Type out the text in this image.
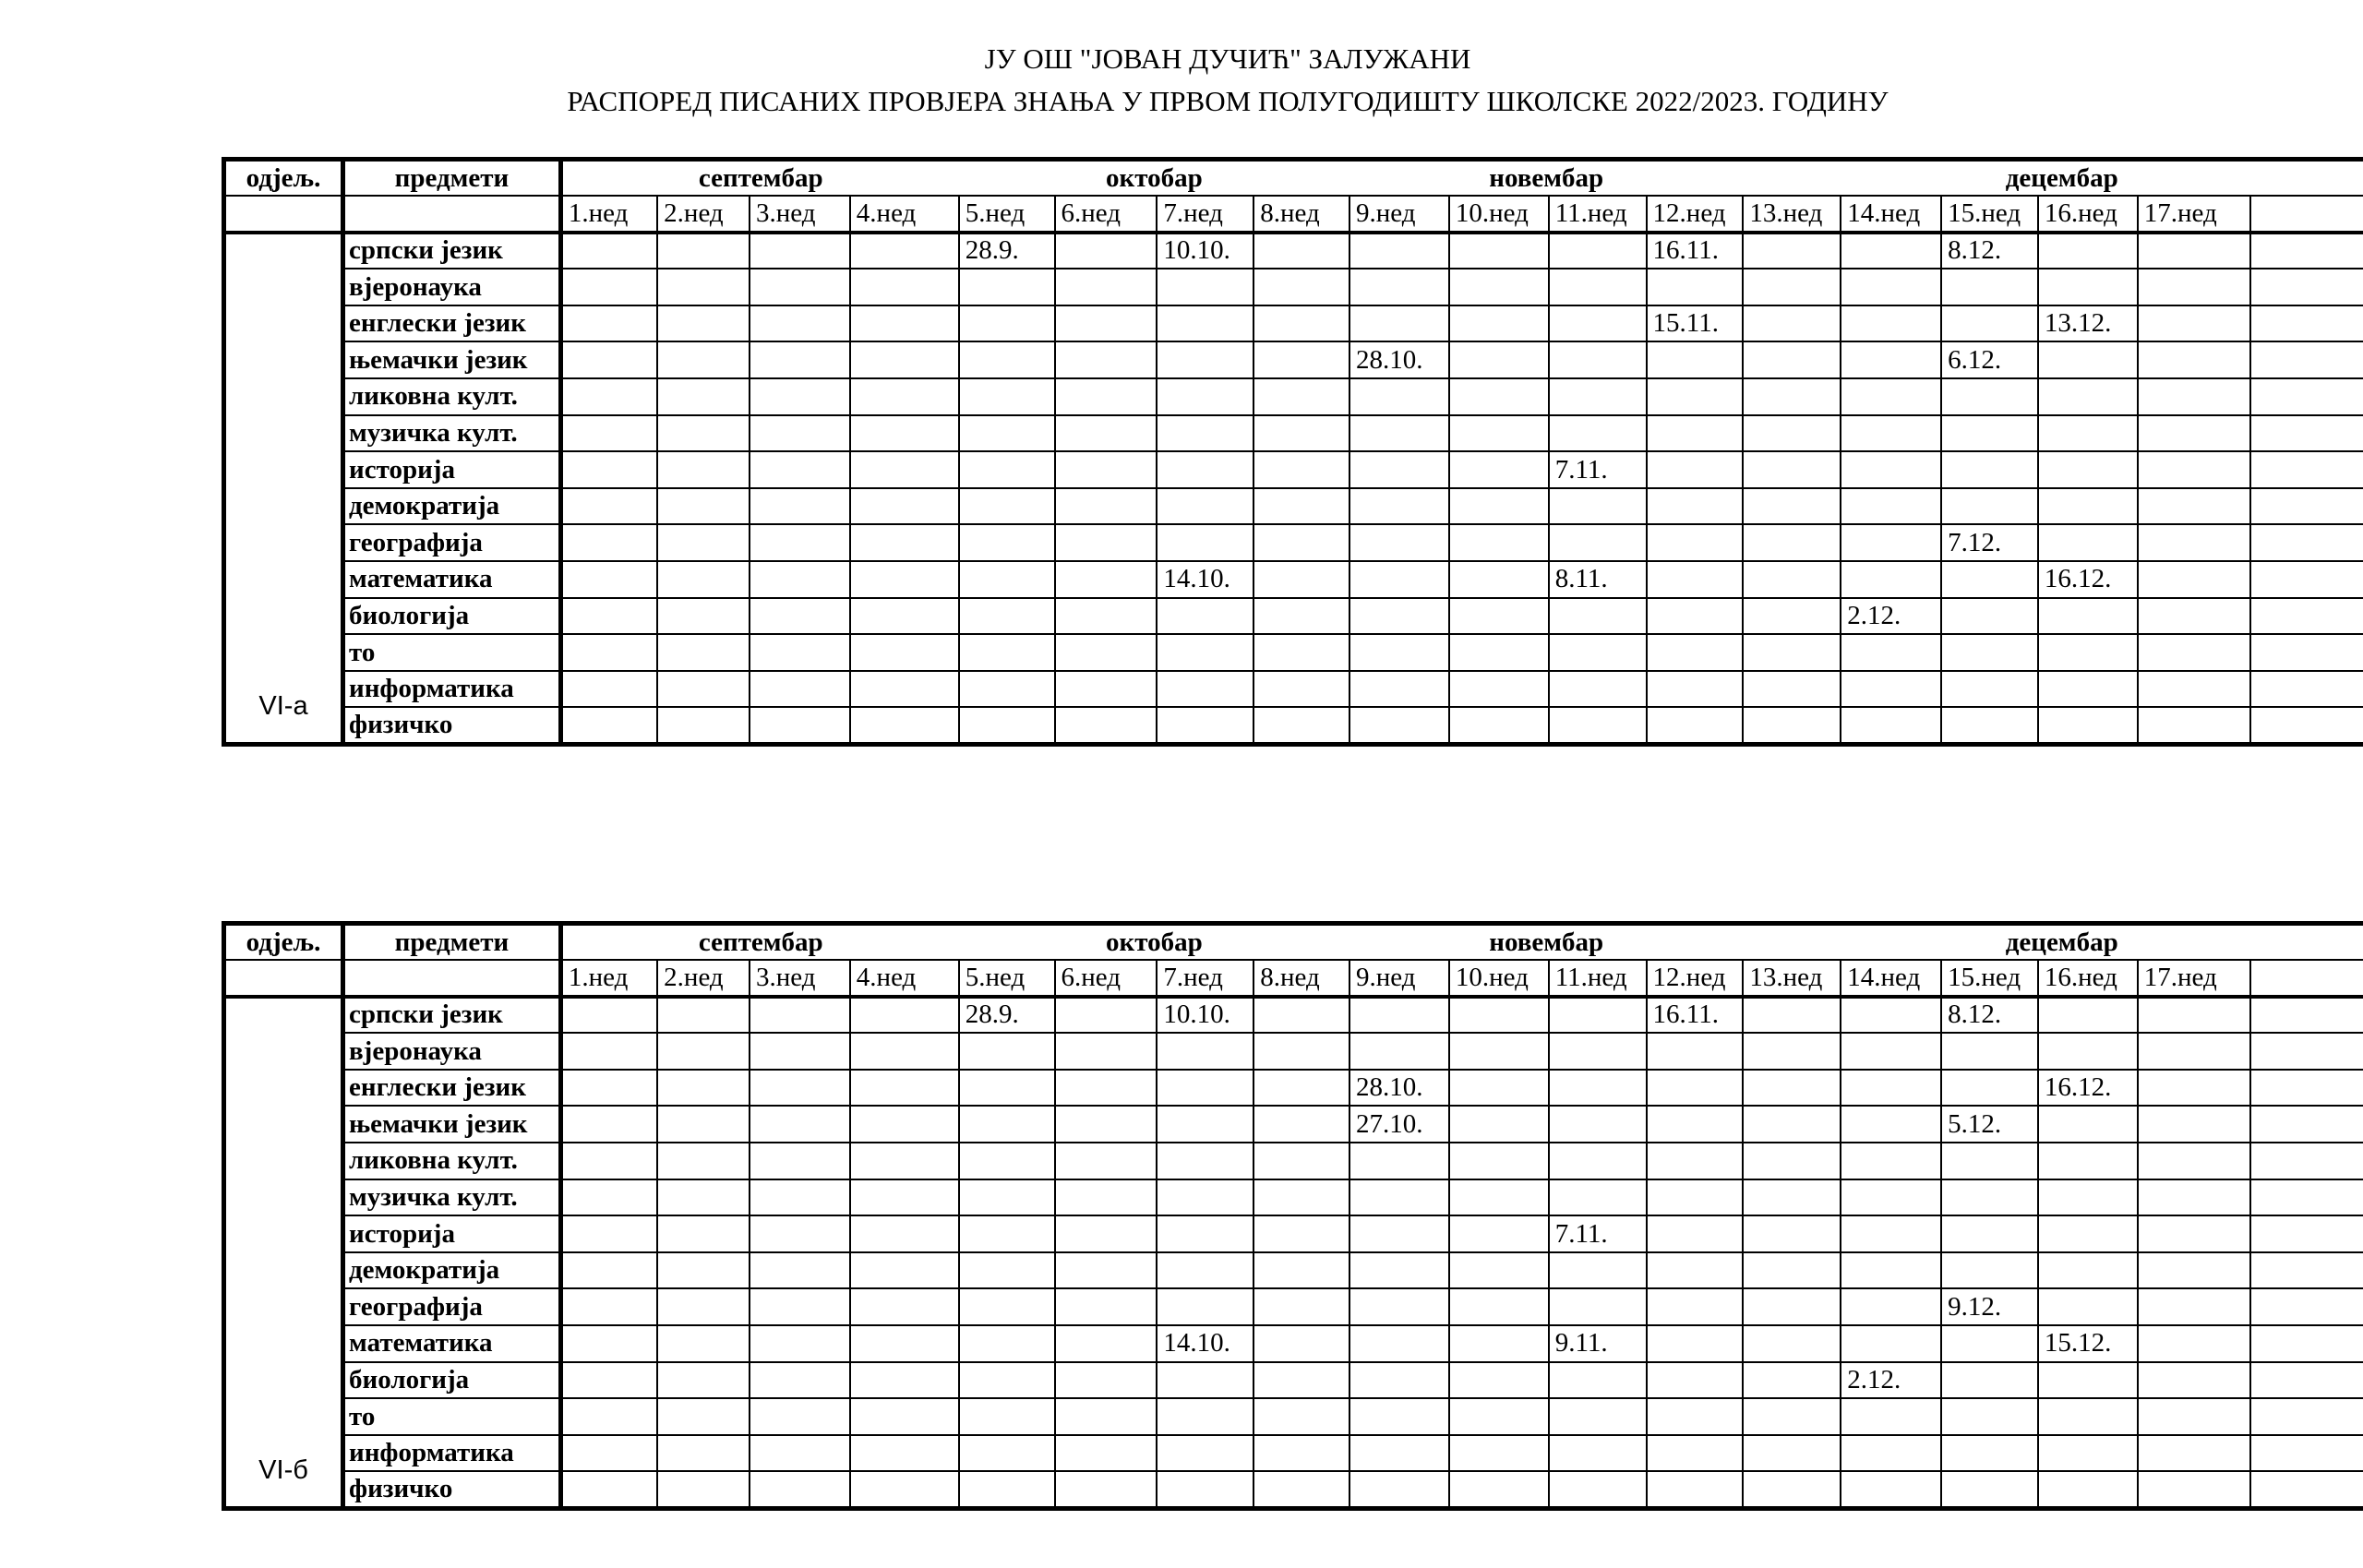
ЈУ ОШ "ЈОВАН ДУЧИЋ" ЗАЛУЖАНИ
РАСПОРЕД ПИСАНИХ ПРОВЈЕРА ЗНАЊА У ПРВОМ ПОЛУГОДИШТУ ШКОЛСКЕ 2022/2023. ГОДИНУ
одјељ.	предмети	септембар				октобар				новембар				децембар					
		1.нед	2.нед	3.нед	4.нед	5.нед	6.нед	7.нед	8.нед	9.нед	10.нед	11.нед	12.нед	13.нед	14.нед	15.нед	16.нед	17.нед	
VI-а	српски језик					28.9.		10.10.					16.11.			8.12.			
	вјеронаука																		
	енглески језик												15.11.				13.12.		
	њемачки језик									28.10.						6.12.			
	ликовна култ.																		
	музичка култ.																		
	историја											7.11.							
	демократија																		
	географија															7.12.			
	математика							14.10.				8.11.					16.12.		
	биологија														2.12.				
	то																		
	информатика																		
	физичко																		
одјељ.	предмети	септембар				октобар				новембар				децембар					
		1.нед	2.нед	3.нед	4.нед	5.нед	6.нед	7.нед	8.нед	9.нед	10.нед	11.нед	12.нед	13.нед	14.нед	15.нед	16.нед	17.нед	
VI-б	српски језик					28.9.		10.10.					16.11.			8.12.			
	вјеронаука																		
	енглески језик									28.10.							16.12.		
	њемачки језик									27.10.						5.12.			
	ликовна култ.																		
	музичка култ.																		
	историја											7.11.							
	демократија																		
	географија															9.12.			
	математика							14.10.				9.11.					15.12.		
	биологија														2.12.				
	то																		
	информатика																		
	физичко																		
